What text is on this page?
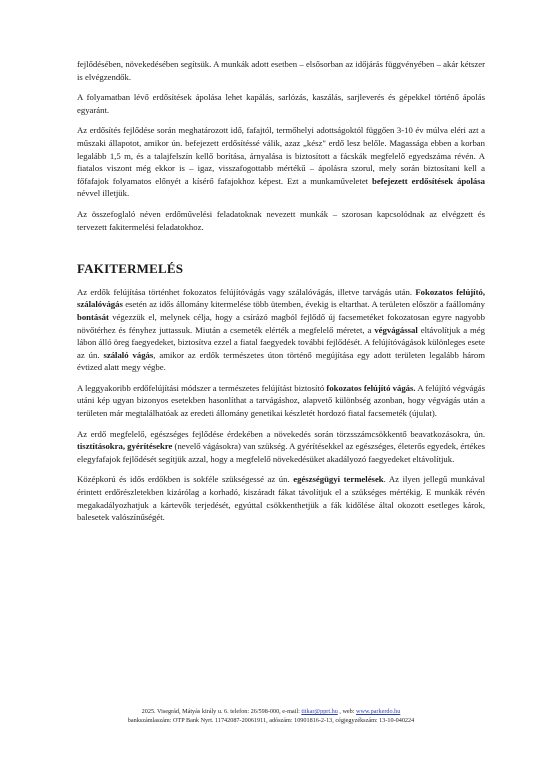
fejlődésében, növekedésében segítsük. A munkák adott esetben – elsősorban az időjárás függvényében – akár kétszer is elvégzendők.

A folyamatban lévő erdősítések ápolása lehet kapálás, sarlózás, kaszálás, sarjleverés és gépekkel történő ápolás egyaránt.

Az erdősítés fejlődése során meghatározott idő, fafajtól, termőhelyi adottságoktól függően 3-10 év múlva eléri azt a műszaki állapotot, amikor ún. befejezett erdősítéssé válik, azaz „kész" erdő lesz belőle. Magassága ebben a korban legalább 1,5 m, és a talajfelszín kellő borítása, árnyalása is biztosított a fácskák megfelelő egyedszáma révén. A fiatalos viszont még ekkor is – igaz, visszafogottabb mértékű – ápolásra szorul, mely során biztosítani kell a főfafajok folyamatos előnyét a kísérő fafajokhoz képest. Ezt a munkaműveletet befejezett erdősítések ápolása névvel illetjük.

Az összefoglaló néven erdőművelési feladatoknak nevezett munkák – szorosan kapcsolódnak az elvégzett és tervezett fakitermelési feladatokhoz.

FAKITERMELÉS

Az erdők felújítása történhet fokozatos felújítóvágás vagy szálalóvágás, illetve tarvágás után. Fokozatos felújító, szálalóvágás esetén az idős állomány kitermelése több ütemben, évekig is eltarthat. A területen először a faállomány bontását végezzük el, melynek célja, hogy a csírázó magból fejlődő új facsemetéket fokozatosan egyre nagyobb növőtérhez és fényhez juttassuk. Miután a csemeték elérték a megfelelő méretet, a végvágással eltávolítjuk a még lábon álló öreg faegyedeket, biztosítva ezzel a fiatal faegyedek további fejlődését. A felújítóvágások különleges esete az ún. szálaló vágás, amikor az erdők természetes úton történő megújítása egy adott területen legalább három évtized alatt megy végbe.

A leggyakoribb erdőfelújítási módszer a természetes felújítást biztosító fokozatos felújító vágás. A felújító végvágás utáni kép ugyan bizonyos esetekben hasonlíthat a tarvágáshoz, alapvető különbség azonban, hogy végvágás után a területen már megtalálhatóak az eredeti állomány genetikai készletét hordozó fiatal facsemeték (újulat).

Az erdő megfelelő, egészséges fejlődése érdekében a növekedés során törzsszámcsökkentő beavatkozásokra, ún. tisztításokra, gyérítésekre (nevelő vágásokra) van szükség. A gyérítésekkel az egészséges, életerős egyedek, értékes elegyfafajok fejlődését segítjük azzal, hogy a megfelelő növekedésüket akadályozó faegyedeket eltávolítjuk.

Középkorú és idős erdőkben is sokféle szükségessé az ún. egészségügyi termelések. Az ilyen jellegű munkával érintett erdőrészletekben kizárólag a korhadó, kiszáradt fákat távolítjuk el a szükséges mértékig. E munkák révén megakadályozhatjuk a kártevők terjedését, egyúttal csökkenthetjük a fák kidőlése által okozott esetleges károk, balesetek valószínűségét.

2025. Visegrád, Mátyás király u. 6. telefon: 26/598-000, e-mail: titkar@pprt.hu , web: www.parkerdo.hu
bankszámlaszám: OTP Bank Nyrt. 11742087-20061911, adószám: 10901816-2-13, cégjegyzékszám: 13-10-040224
